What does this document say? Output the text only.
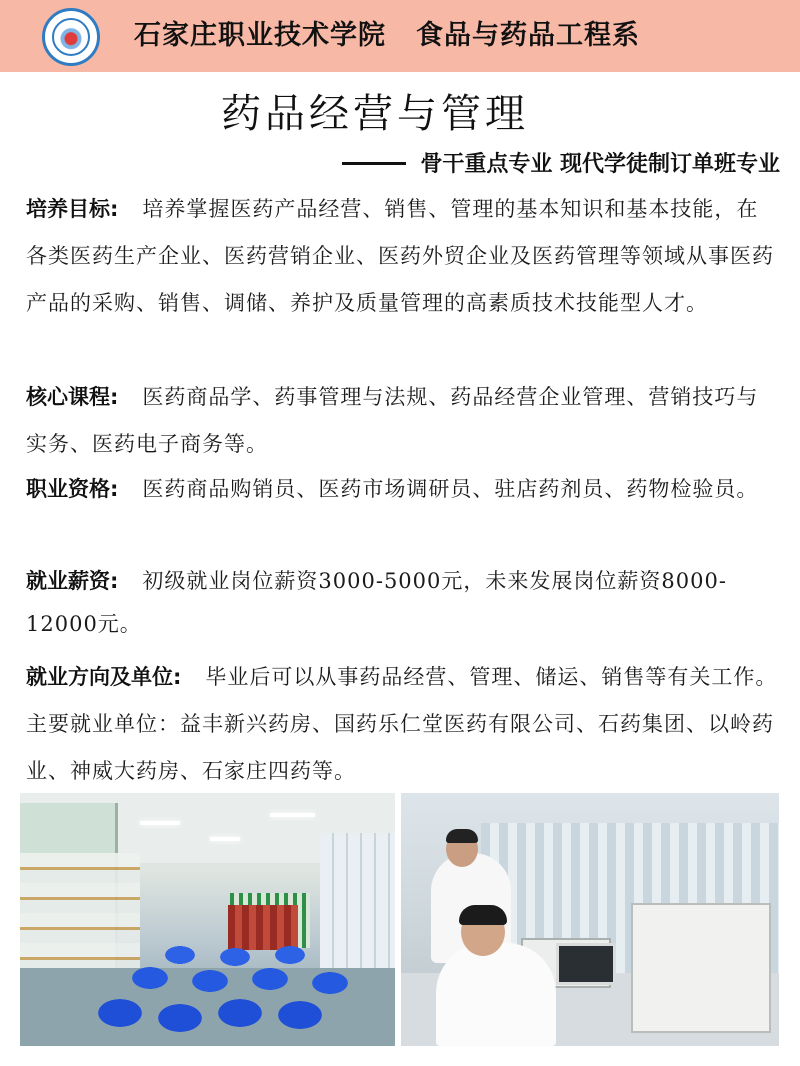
石家庄职业技术学院 食品与药品工程系
药品经营与管理
骨干重点专业 现代学徒制订单班专业
培养目标: 培养掌握医药产品经营、销售、管理的基本知识和基本技能，在各类医药生产企业、医药营销企业、医药外贸企业及医药管理等领域从事医药产品的采购、销售、调储、养护及质量管理的高素质技术技能型人才。
核心课程: 医药商品学、药事管理与法规、药品经营企业管理、营销技巧与实务、医药电子商务等。
职业资格: 医药商品购销员、医药市场调研员、驻店药剂员、药物检验员。
就业薪资: 初级就业岗位薪资3000-5000元，未来发展岗位薪资8000-12000元。
就业方向及单位: 毕业后可以从事药品经营、管理、储运、销售等有关工作。主要就业单位：益丰新兴药房、国药乐仁堂医药有限公司、石药集团、以岭药业、神威大药房、石家庄四药等。
